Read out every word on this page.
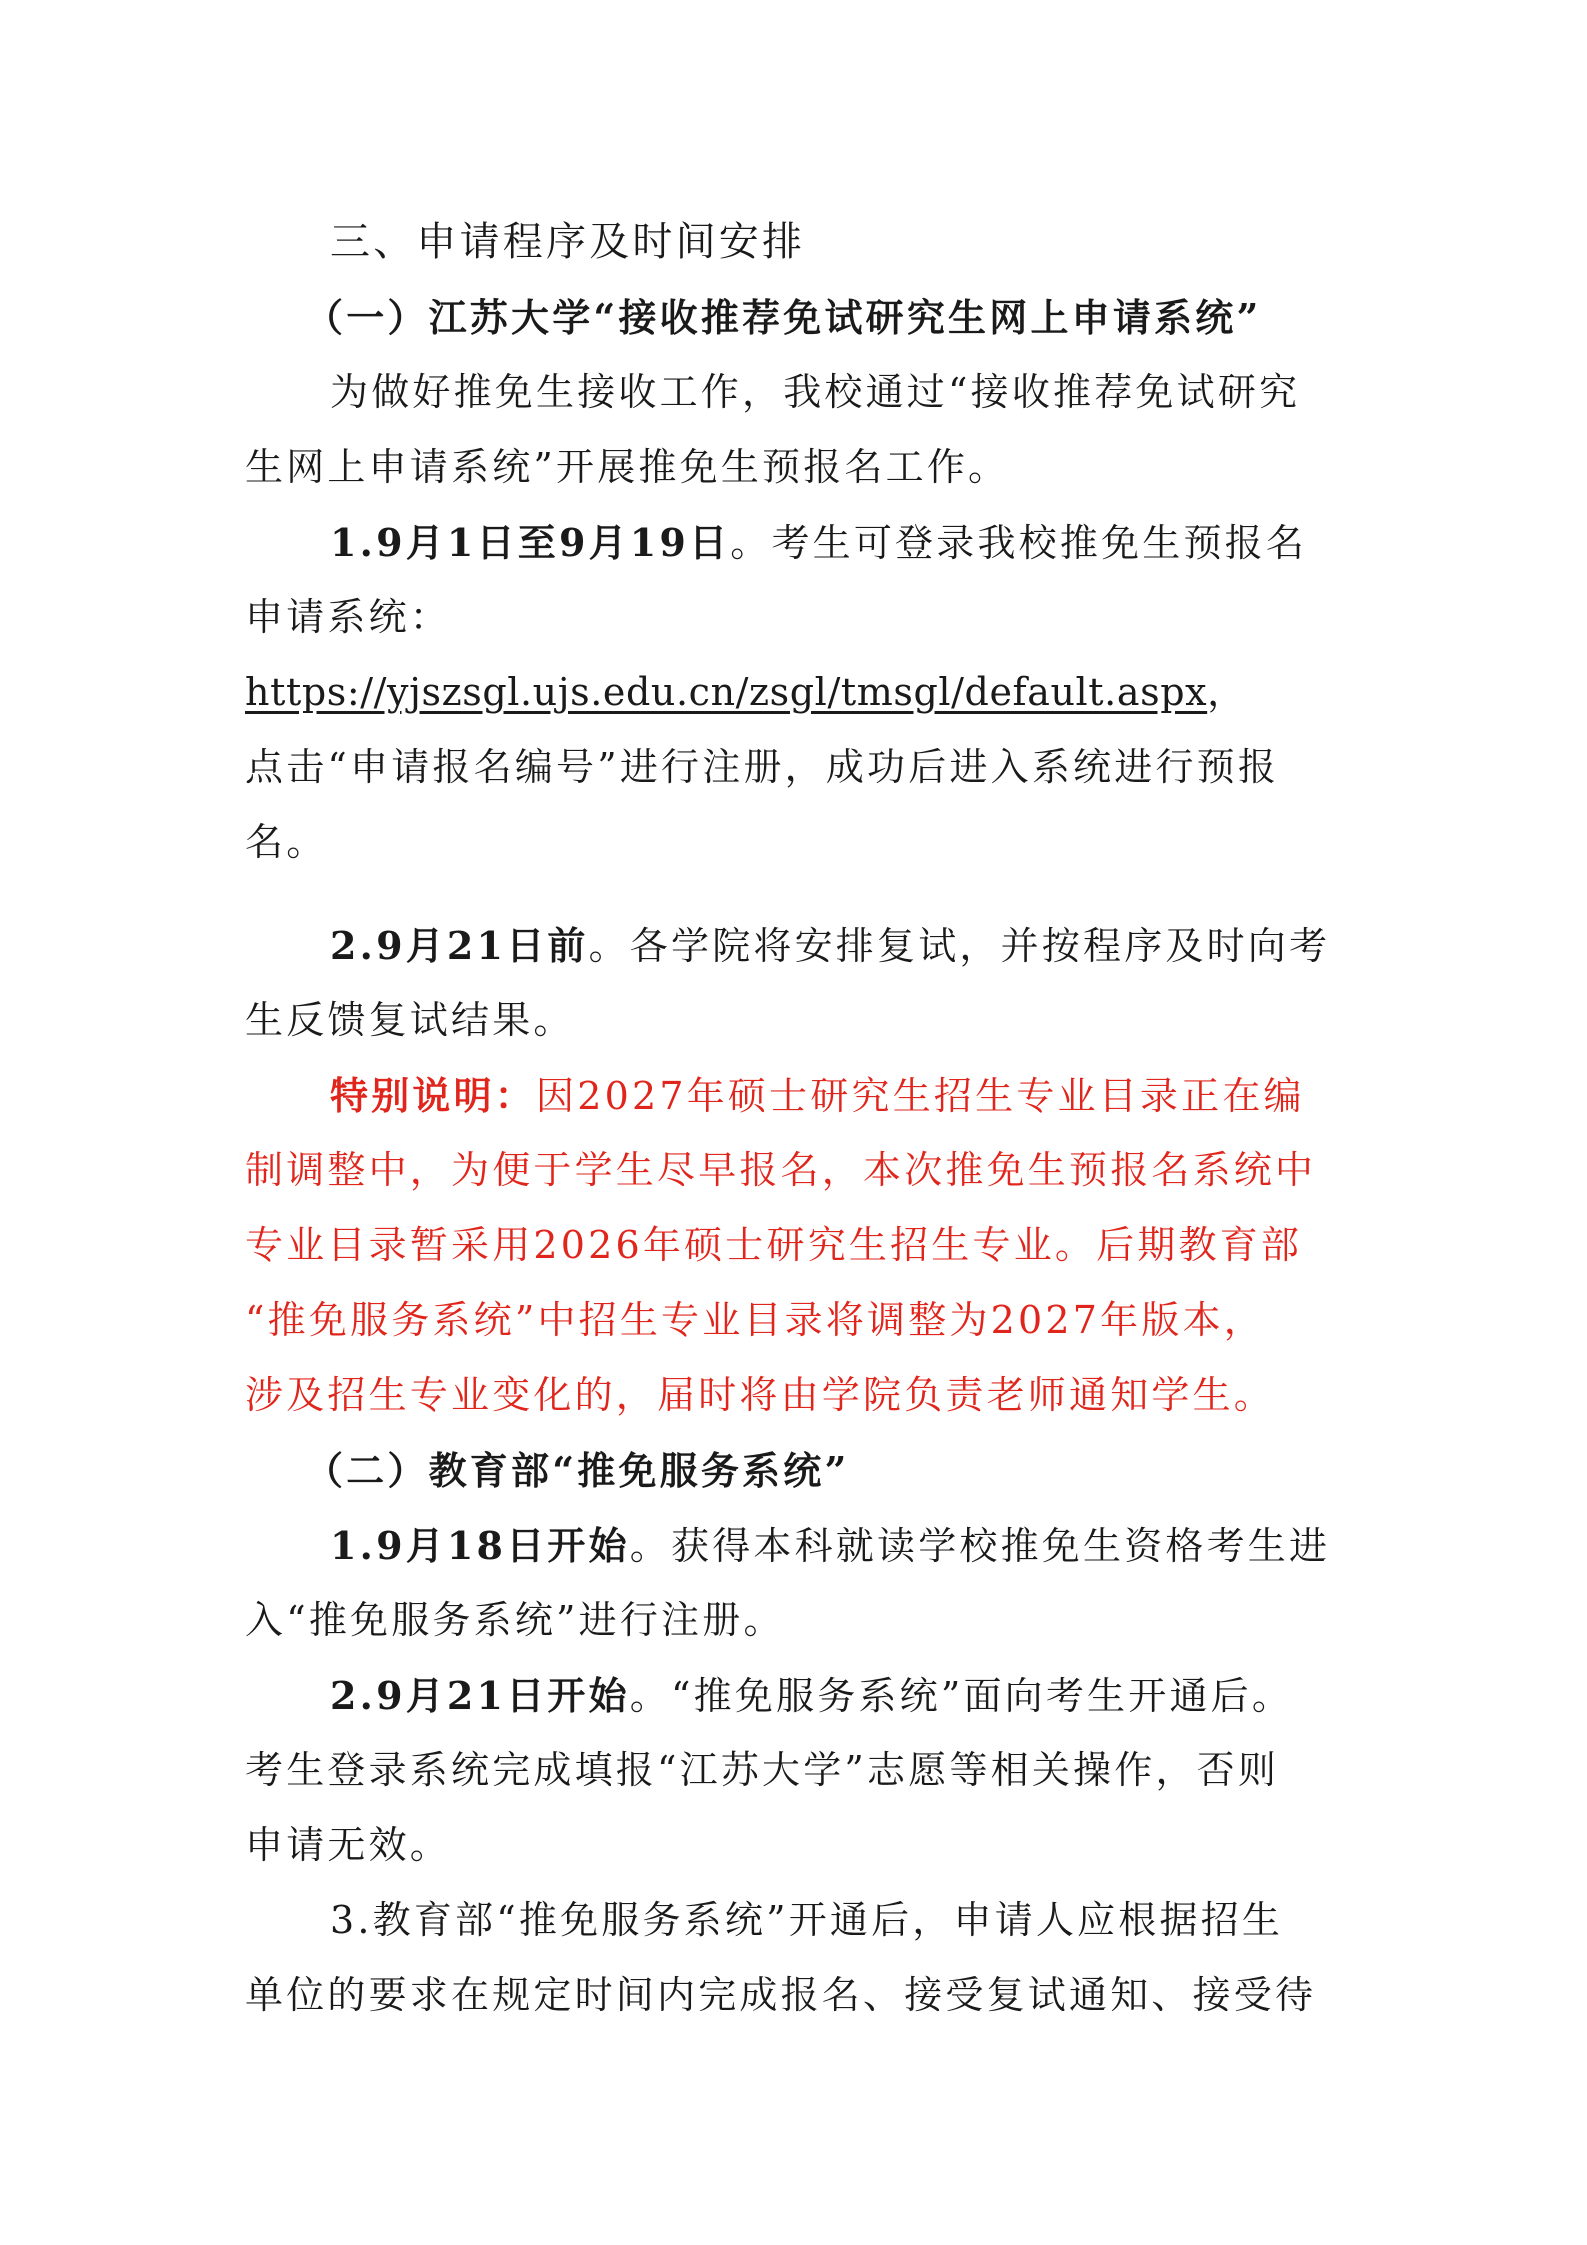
三、申请程序及时间安排
（一）江苏大学“接收推荐免试研究生网上申请系统”
为做好推免生接收工作，我校通过“接收推荐免试研究
生网上申请系统”开展推免生预报名工作。
1.9月1日至9月19日。考生可登录我校推免生预报名
申请系统：
https://yjszsgl.ujs.edu.cn/zsgl/tmsgl/default.aspx，
点击“申请报名编号”进行注册，成功后进入系统进行预报
名。
2.9月21日前。各学院将安排复试，并按程序及时向考
生反馈复试结果。
特别说明：因2027年硕士研究生招生专业目录正在编
制调整中，为便于学生尽早报名，本次推免生预报名系统中
专业目录暂采用2026年硕士研究生招生专业。后期教育部
“推免服务系统”中招生专业目录将调整为2027年版本，
涉及招生专业变化的，届时将由学院负责老师通知学生。
（二）教育部“推免服务系统”
1.9月18日开始。获得本科就读学校推免生资格考生进
入“推免服务系统”进行注册。
2.9月21日开始。“推免服务系统”面向考生开通后。
考生登录系统完成填报“江苏大学”志愿等相关操作，否则
申请无效。
3.教育部“推免服务系统”开通后，申请人应根据招生
单位的要求在规定时间内完成报名、接受复试通知、接受待
